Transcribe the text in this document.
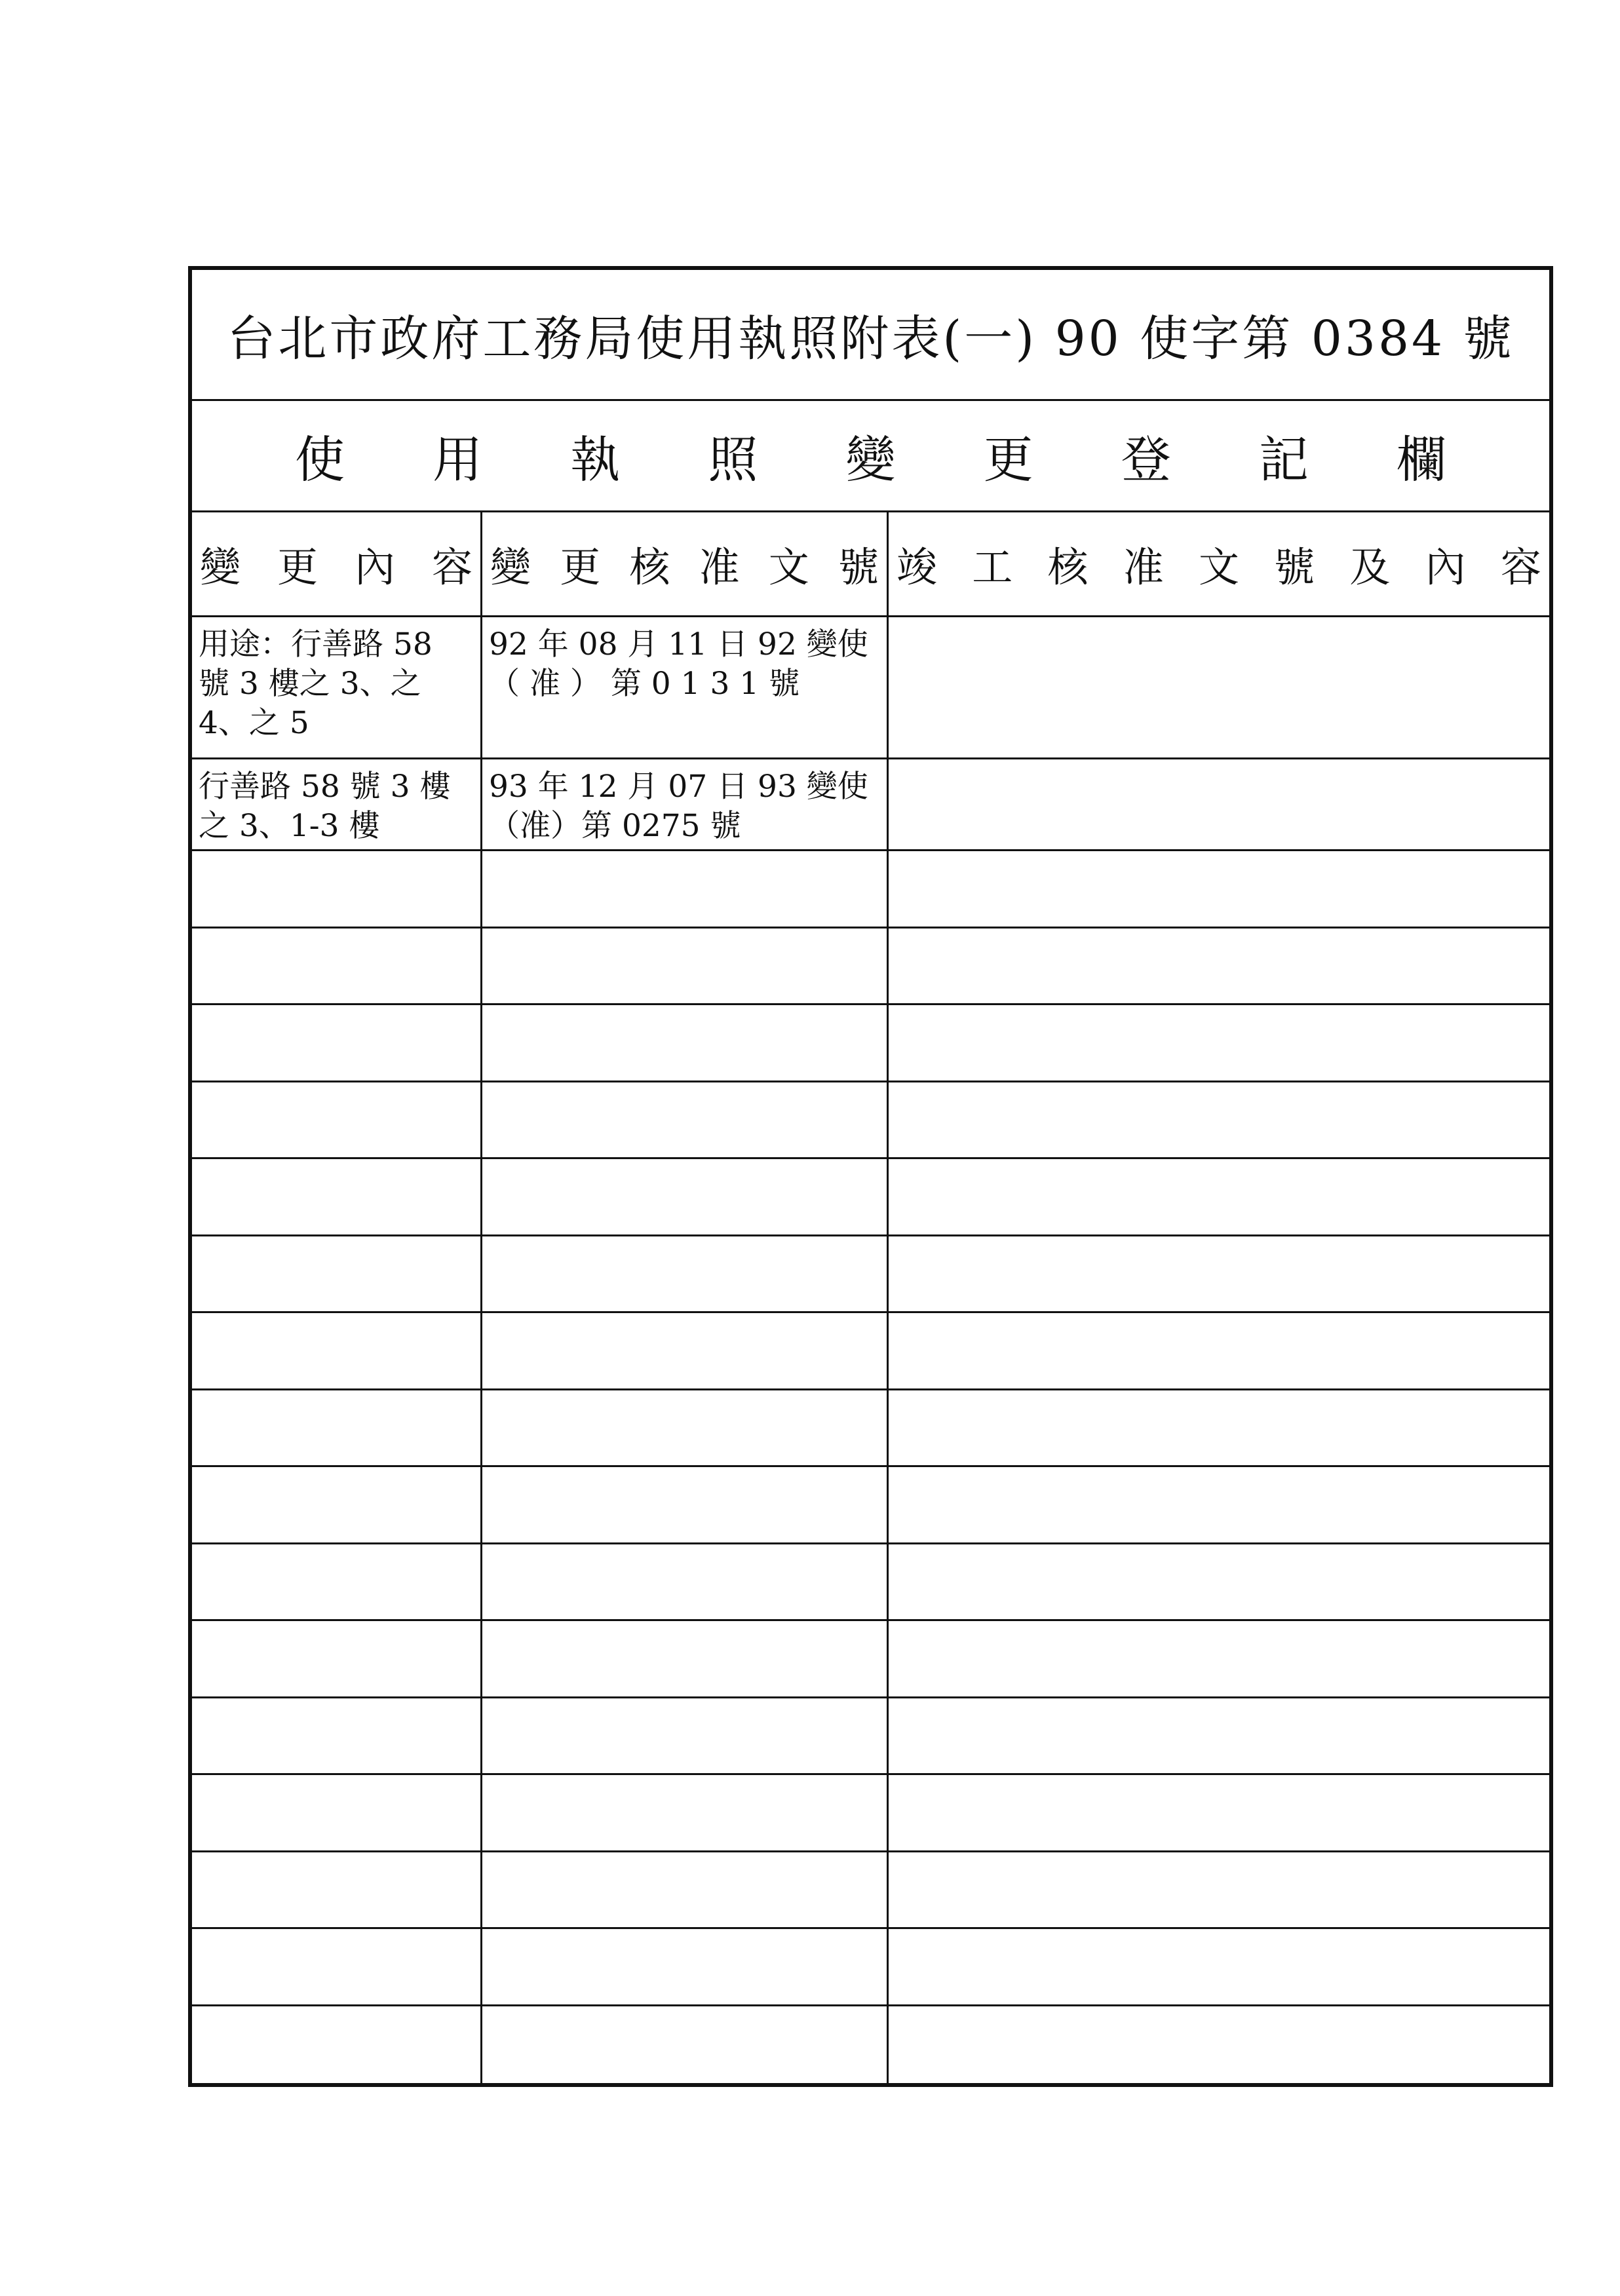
台北市政府工務局使用執照附表(一) 90 使字第 0384 號
使 用 執 照 變 更 登 記 欄
變 更 內 容 變 更 核 准 文 號 竣 工 核 准 文 號 及 內 容
用途：行善路 58
號 3 樓之 3、之
4、之 5
92 年 08 月 11 日 92 變使
（ 准 ） 第 0 1 3 1 號
行善路 58 號 3 樓
之 3、1-3 樓
93 年 12 月 07 日 93 變使
（准）第 0275 號
